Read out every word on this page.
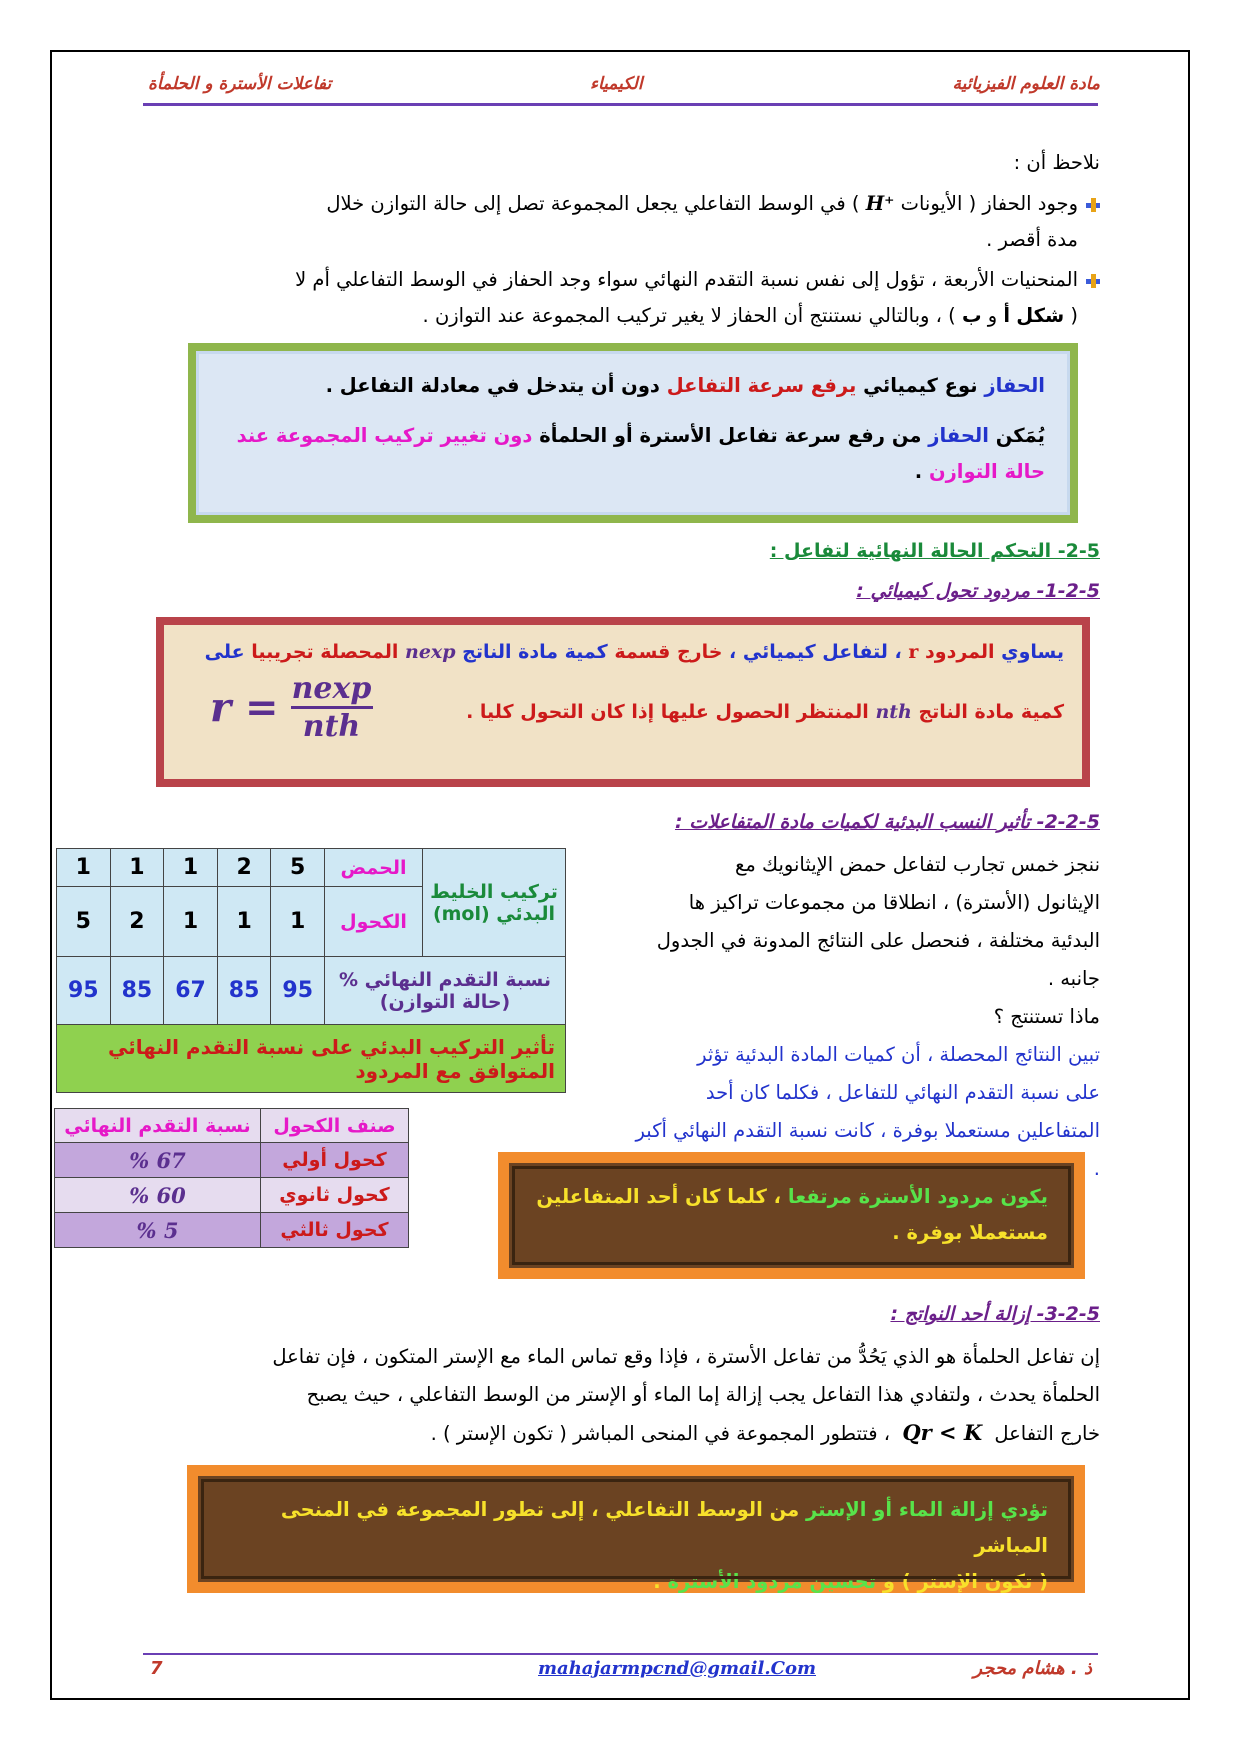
مادة العلوم الفيزيائية
الكيمياء
تفاعلات الأسترة و الحلمأة
نلاحظ أن :
وجود الحفاز ( الأيونات H⁺ ) في الوسط التفاعلي يجعل المجموعة تصل إلى حالة التوازن خلال
مدة أقصر .
المنحنيات الأربعة ، تؤول إلى نفس نسبة التقدم النهائي سواء وجد الحفاز في الوسط التفاعلي أم لا
( شكل أ و ب ) ، وبالتالي نستنتج أن الحفاز لا يغير تركيب المجموعة عند التوازن .
الحفاز نوع كيميائي يرفع سرعة التفاعل دون أن يتدخل في معادلة التفاعل .
يُمَكن الحفاز من رفع سرعة تفاعل الأسترة أو الحلمأة دون تغيير تركيب المجموعة عند
حالة التوازن .
2-5- التحكم الحالة النهائية لتفاعل :
1-2-5- مردود تحول كيميائي :
يساوي المردود r ، لتفاعل كيميائي ، خارج قسمة كمية مادة الناتج nexp المحصلة تجريبيا على
كمية مادة الناتج nth المنتظر الحصول عليها إذا كان التحول كليا .
r = nexp
nth
2-2-5- تأثير النسب البدئية لكميات مادة المتفاعلات :
ننجز خمس تجارب لتفاعل حمض الإيثانويك مع
الإيثانول (الأسترة) ، انطلاقا من مجموعات تراكيز ها
البدئية مختلفة ، فنحصل على النتائج المدونة في الجدول
جانبه .
ماذا تستنتج ؟
تبين النتائج المحصلة ، أن كميات المادة البدئية تؤثر
على نسبة التقدم النهائي للتفاعل ، فكلما كان أحد
المتفاعلين مستعملا بوفرة ، كانت نسبة التقدم النهائي أكبر .
تركيب الخليط البدئي (mol)	الحمض	5	2	1	1	1
	الكحول	1	1	1	2	5
نسبة التقدم النهائي % (حالة التوازن)		95	85	67	85	95
تأثير التركيب البدئي على نسبة التقدم النهائي المتوافق مع المردود						
صنف الكحول	نسبة التقدم النهائي
كحول أولي	67 %
كحول ثانوي	60 %
كحول ثالثي	5 %
يكون مردود الأسترة مرتفعا ، كلما كان أحد المتفاعلين مستعملا بوفرة .
3-2-5- إزالة أحد النواتج :
إن تفاعل الحلمأة هو الذي يَحُدُّ من تفاعل الأسترة ، فإذا وقع تماس الماء مع الإستر المتكون ، فإن تفاعل
الحلمأة يحدث ، ولتفادي هذا التفاعل يجب إزالة إما الماء أو الإستر من الوسط التفاعلي ، حيث يصبح
خارج التفاعل Qr < K ، فتتطور المجموعة في المنحى المباشر ( تكون الإستر ) .
تؤدي إزالة الماء أو الإستر من الوسط التفاعلي ، إلى تطور المجموعة في المنحى المباشر
( تكون الإستر ) و تحسين مردود الأسترة .
7	mahajarmpcnd@gmail.Com	ذ . هشام محجر
